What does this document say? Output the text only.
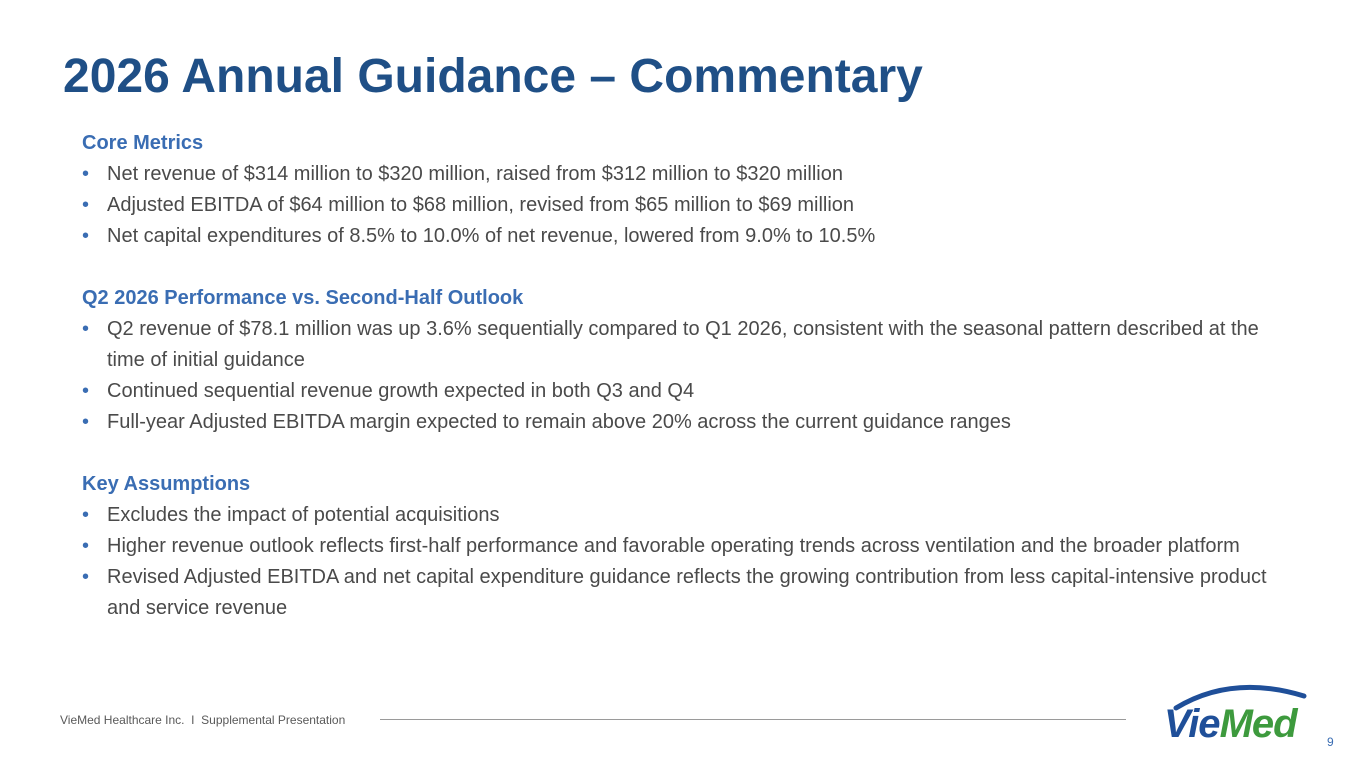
2026 Annual Guidance – Commentary
Core Metrics
• Net revenue of $314 million to $320 million, raised from $312 million to $320 million
• Adjusted EBITDA of $64 million to $68 million, revised from $65 million to $69 million
• Net capital expenditures of 8.5% to 10.0% of net revenue, lowered from 9.0% to 10.5%
Q2 2026 Performance vs. Second-Half Outlook
• Q2 revenue of $78.1 million was up 3.6% sequentially compared to Q1 2026, consistent with the seasonal pattern described at the time of initial guidance
• Continued sequential revenue growth expected in both Q3 and Q4
• Full-year Adjusted EBITDA margin expected to remain above 20% across the current guidance ranges
Key Assumptions
• Excludes the impact of potential acquisitions
• Higher revenue outlook reflects first-half performance and favorable operating trends across ventilation and the broader platform
• Revised Adjusted EBITDA and net capital expenditure guidance reflects the growing contribution from less capital-intensive product and service revenue
VieMed Healthcare Inc.  I  Supplemental Presentation	VieMed	9
